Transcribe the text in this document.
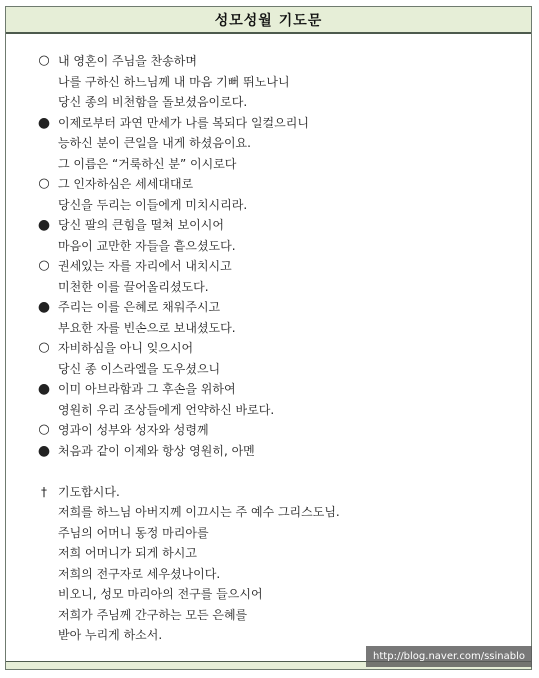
성모성월 기도문
○ 내 영혼이 주님을 찬송하며
나를 구하신 하느님께 내 마음 기뻐 뛰노나니
당신 종의 비천함을 돌보셨음이로다.
● 이제로부터 과연 만세가 나를 복되다 일컬으리니
능하신 분이 큰일을 내게 하셨음이요.
그 이름은 “거룩하신 분” 이시로다
○ 그 인자하심은 세세대대로
당신을 두리는 이들에게 미치시리라.
● 당신 팔의 큰힘을 떨쳐 보이시어
마음이 교만한 자들을 흩으셨도다.
○ 권세있는 자를 자리에서 내치시고
미천한 이를 끌어올리셨도다.
● 주리는 이를 은혜로 채워주시고
부요한 자를 빈손으로 보내셨도다.
○ 자비하심을 아니 잊으시어
당신 종 이스라엘을 도우셨으니
● 이미 아브라함과 그 후손을 위하여
영원히 우리 조상들에게 언약하신 바로다.
○ 영과이 성부와 성자와 성령께
● 처음과 같이 이제와 항상 영원히, 아멘
† 기도합시다.
저희를 하느님 아버지께 이끄시는 주 예수 그리스도님.
주님의 어머니 동정 마리아를
저희 어머니가 되게 하시고
저희의 전구자로 세우셨나이다.
비오니, 성모 마리아의 전구를 들으시어
저희가 주님께 간구하는 모든 은혜를
받아 누리게 하소서.
http://blog.naver.com/ssinablo
